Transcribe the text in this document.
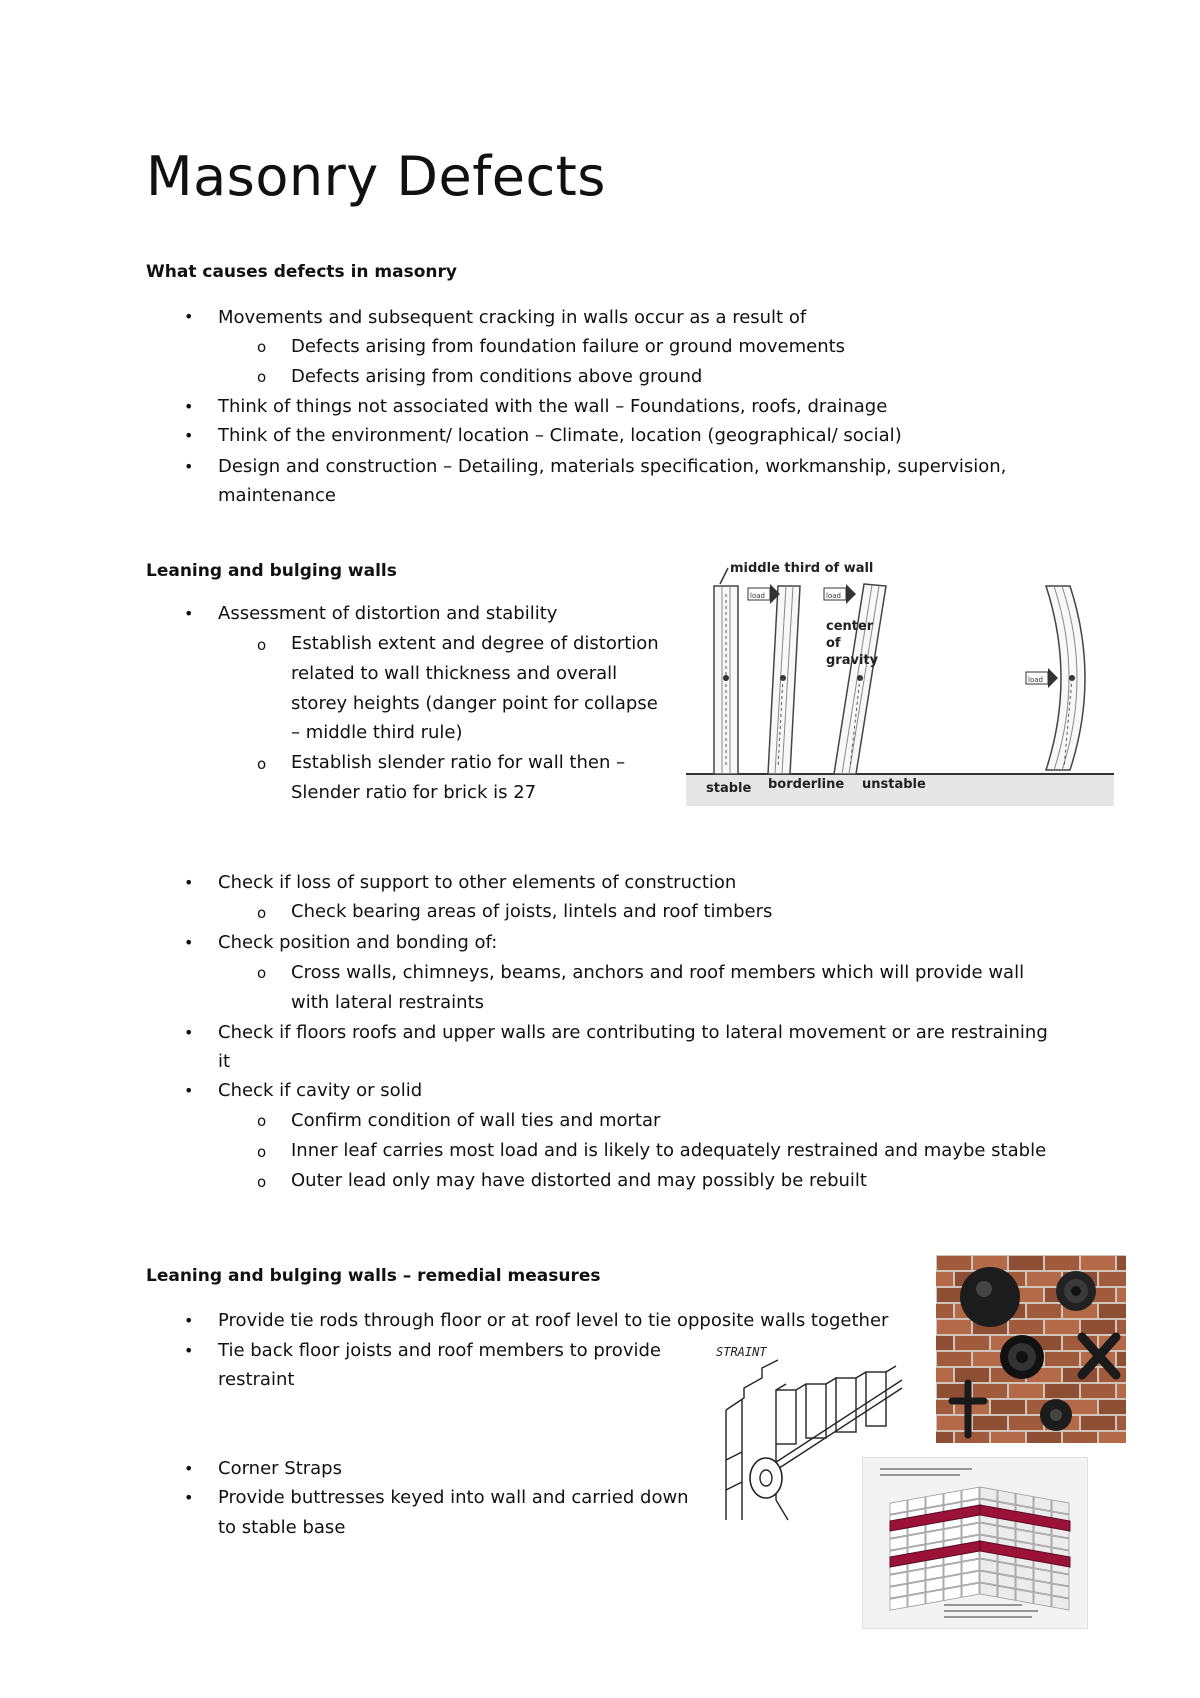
Masonry Defects
What causes defects in masonry
• Movements and subsequent cracking in walls occur as a result of
o Defects arising from foundation failure or ground movements
o Defects arising from conditions above ground
• Think of things not associated with the wall – Foundations, roofs, drainage
• Think of the environment/ location – Climate, location (geographical/ social)
• Design and construction – Detailing, materials specification, workmanship, supervision,
maintenance
Leaning and bulging walls
• Assessment of distortion and stability
o Establish extent and degree of distortion
related to wall thickness and overall
storey heights (danger point for collapse
– middle third rule)
o Establish slender ratio for wall then –
Slender ratio for brick is 27
• Check if loss of support to other elements of construction
o Check bearing areas of joists, lintels and roof timbers
• Check position and bonding of:
o Cross walls, chimneys, beams, anchors and roof members which will provide wall
with lateral restraints
• Check if floors roofs and upper walls are contributing to lateral movement or are restraining
it
• Check if cavity or solid
o Confirm condition of wall ties and mortar
o Inner leaf carries most load and is likely to adequately restrained and maybe stable
o Outer lead only may have distorted and may possibly be rebuilt
Leaning and bulging walls – remedial measures
• Provide tie rods through floor or at roof level to tie opposite walls together
• Tie back floor joists and roof members to provide
restraint
• Corner Straps
• Provide buttresses keyed into wall and carried down
to stable base
middle third of wall
load	load
center
of
gravity
load
stable borderline unstable
STRAINT
